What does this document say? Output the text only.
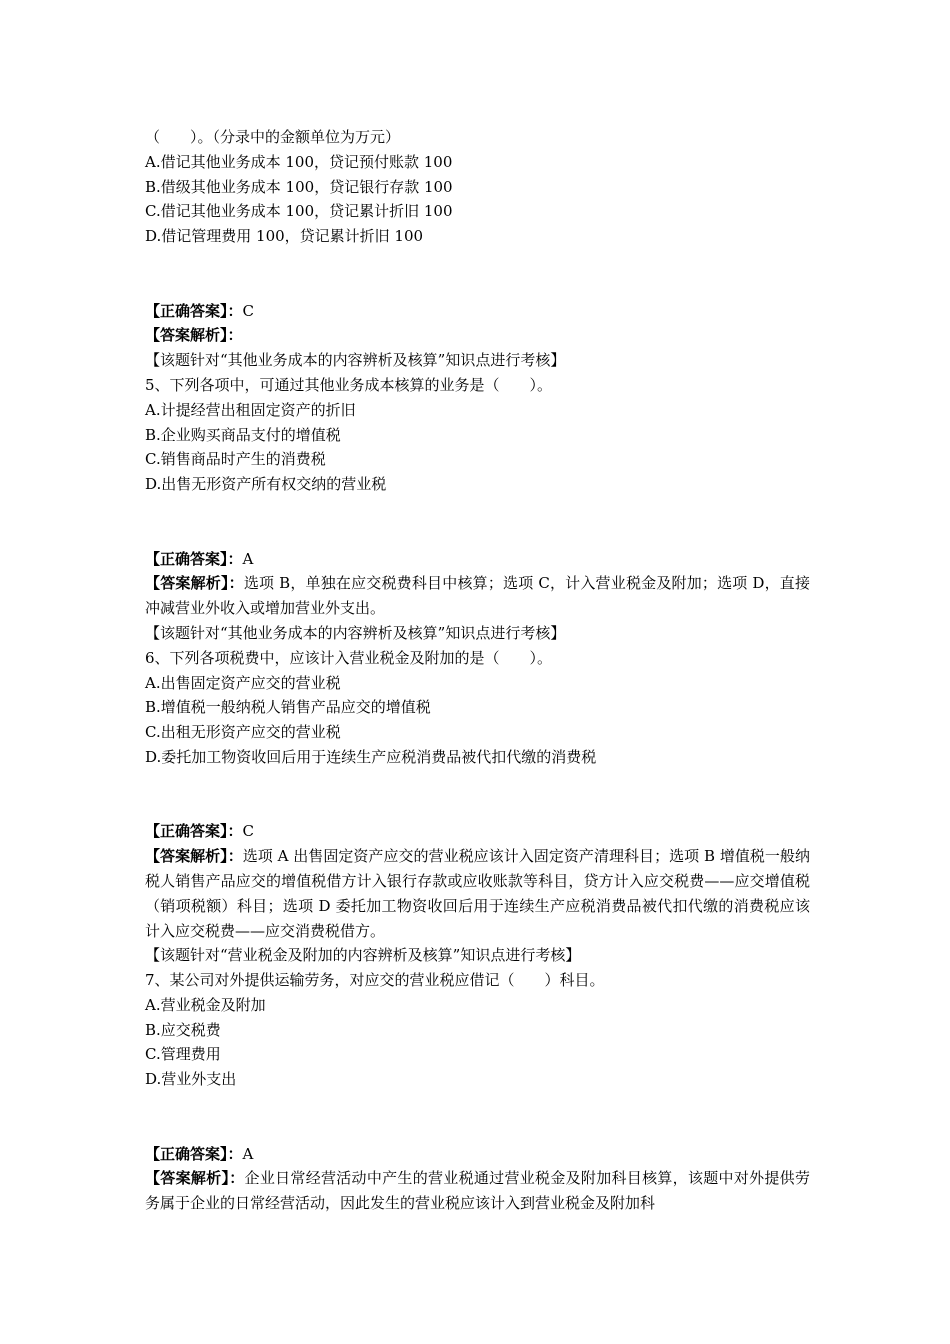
（　　）。（分录中的金额单位为万元）
A.借记其他业务成本 100，贷记预付账款 100
B.借级其他业务成本 100，贷记银行存款 100
C.借记其他业务成本 100，贷记累计折旧 100
D.借记管理费用 100，贷记累计折旧 100
【正确答案】：C
【答案解析】：
【该题针对“其他业务成本的内容辨析及核算”知识点进行考核】
5、下列各项中，可通过其他业务成本核算的业务是（　　）。
A.计提经营出租固定资产的折旧
B.企业购买商品支付的增值税
C.销售商品时产生的消费税
D.出售无形资产所有权交纳的营业税
【正确答案】：A
【答案解析】：选项 B，单独在应交税费科目中核算；选项 C，计入营业税金及附加；选项 D，直接冲减营业外收入或增加营业外支出。
【该题针对“其他业务成本的内容辨析及核算”知识点进行考核】
6、下列各项税费中，应该计入营业税金及附加的是（　　）。
A.出售固定资产应交的营业税
B.增值税一般纳税人销售产品应交的增值税
C.出租无形资产应交的营业税
D.委托加工物资收回后用于连续生产应税消费品被代扣代缴的消费税
【正确答案】：C
【答案解析】：选项 A 出售固定资产应交的营业税应该计入固定资产清理科目；选项 B 增值税一般纳税人销售产品应交的增值税借方计入银行存款或应收账款等科目，贷方计入应交税费——应交增值税（销项税额）科目；选项 D 委托加工物资收回后用于连续生产应税消费品被代扣代缴的消费税应该计入应交税费——应交消费税借方。
【该题针对“营业税金及附加的内容辨析及核算”知识点进行考核】
7、某公司对外提供运输劳务，对应交的营业税应借记（　　）科目。
A.营业税金及附加
B.应交税费
C.管理费用
D.营业外支出
【正确答案】：A
【答案解析】：企业日常经营活动中产生的营业税通过营业税金及附加科目核算，该题中对外提供劳务属于企业的日常经营活动，因此发生的营业税应该计入到营业税金及附加科
